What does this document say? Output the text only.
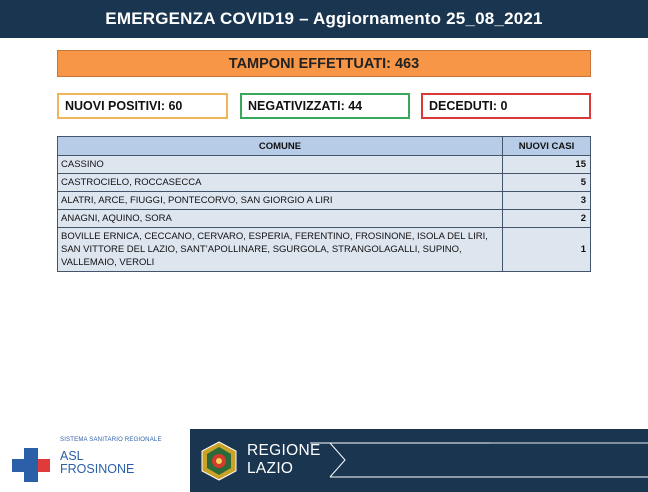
EMERGENZA COVID19 – Aggiornamento 25_08_2021
TAMPONI EFFETTUATI: 463
NUOVI POSITIVI: 60	NEGATIVIZZATI: 44	DECEDUTI: 0
COMUNE	NUOVI CASI
CASSINO	15
CASTROCIELO, ROCCASECCA	5
ALATRI, ARCE, FIUGGI, PONTECORVO, SAN GIORGIO A LIRI	3
ANAGNI, AQUINO, SORA	2
BOVILLE ERNICA, CECCANO, CERVARO, ESPERIA, FERENTINO, FROSINONE, ISOLA DEL LIRI, SAN VITTORE DEL LAZIO, SANT’APOLLINARE, SGURGOLA, STRANGOLAGALLI, SUPINO, VALLEMAIO, VEROLI	1
SISTEMA SANITARIO REGIONALE
ASL
FROSINONE
REGIONE
LAZIO
